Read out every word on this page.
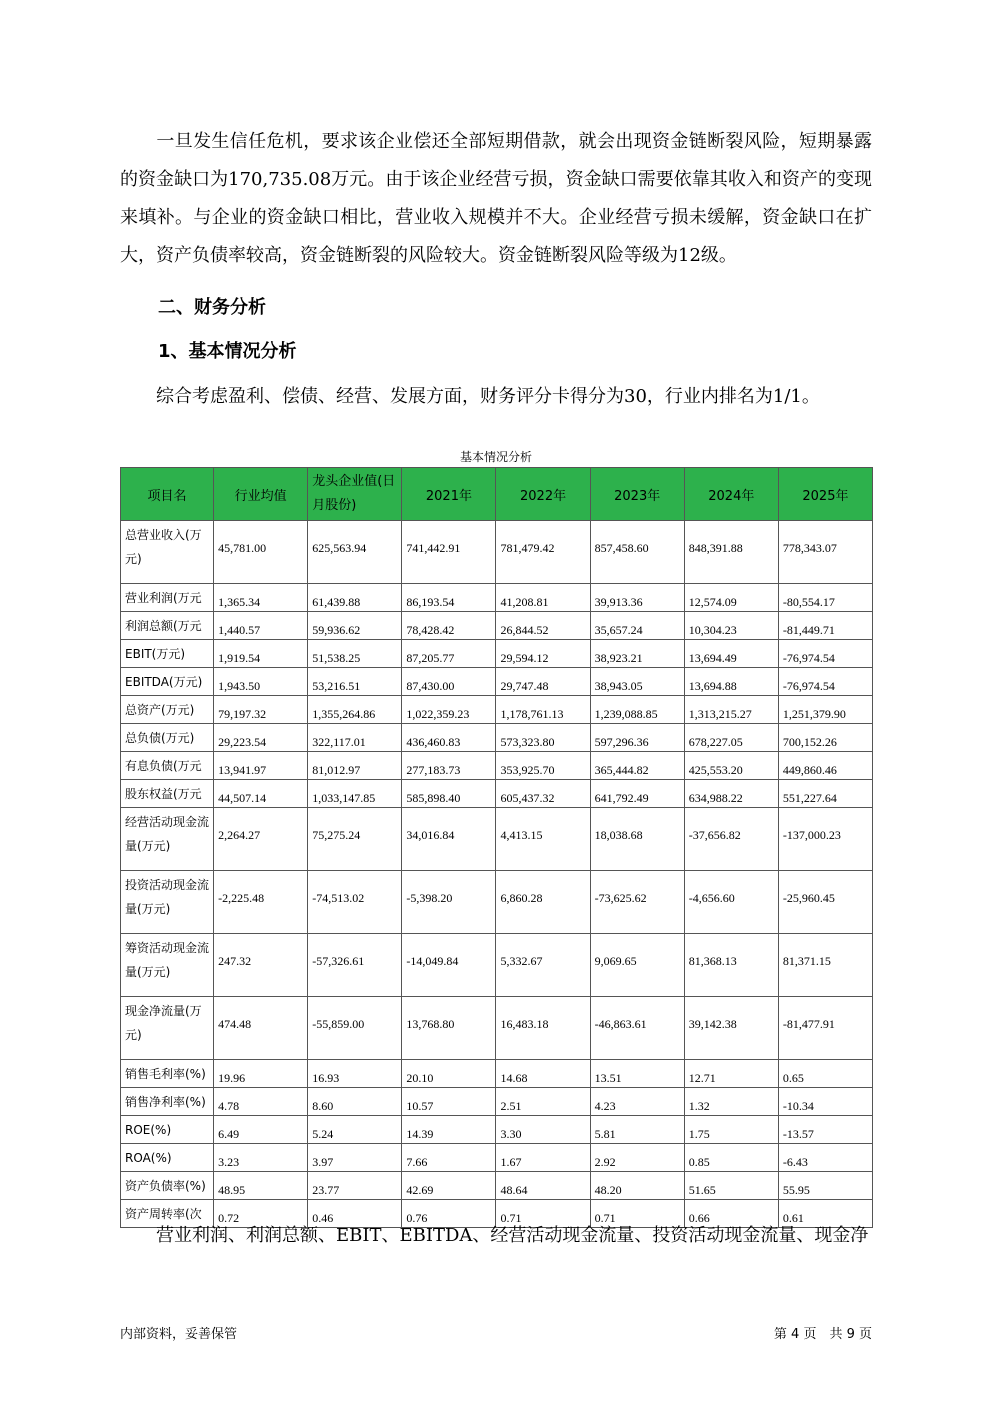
一旦发生信任危机，要求该企业偿还全部短期借款，就会出现资金链断裂风险，短期暴露的资金缺口为170,735.08万元。由于该企业经营亏损，资金缺口需要依靠其收入和资产的变现来填补。与企业的资金缺口相比，营业收入规模并不大。企业经营亏损未缓解，资金缺口在扩大，资产负债率较高，资金链断裂的风险较大。资金链断裂风险等级为12级。
二、财务分析
1、基本情况分析
综合考虑盈利、偿债、经营、发展方面，财务评分卡得分为30，行业内排名为1/1。
基本情况分析
项目名	行业均值	龙头企业值(日月股份)	2021年	2022年	2023年	2024年	2025年
总营业收入(万元)	45,781.00	625,563.94	741,442.91	781,479.42	857,458.60	848,391.88	778,343.07
营业利润(万元	1,365.34	61,439.88	86,193.54	41,208.81	39,913.36	12,574.09	-80,554.17
利润总额(万元	1,440.57	59,936.62	78,428.42	26,844.52	35,657.24	10,304.23	-81,449.71
EBIT(万元)	1,919.54	51,538.25	87,205.77	29,594.12	38,923.21	13,694.49	-76,974.54
EBITDA(万元)	1,943.50	53,216.51	87,430.00	29,747.48	38,943.05	13,694.88	-76,974.54
总资产(万元)	79,197.32	1,355,264.86	1,022,359.23	1,178,761.13	1,239,088.85	1,313,215.27	1,251,379.90
总负债(万元)	29,223.54	322,117.01	436,460.83	573,323.80	597,296.36	678,227.05	700,152.26
有息负债(万元	13,941.97	81,012.97	277,183.73	353,925.70	365,444.82	425,553.20	449,860.46
股东权益(万元	44,507.14	1,033,147.85	585,898.40	605,437.32	641,792.49	634,988.22	551,227.64
经营活动现金流量(万元)	2,264.27	75,275.24	34,016.84	4,413.15	18,038.68	-37,656.82	-137,000.23
投资活动现金流量(万元)	-2,225.48	-74,513.02	-5,398.20	6,860.28	-73,625.62	-4,656.60	-25,960.45
筹资活动现金流量(万元)	247.32	-57,326.61	-14,049.84	5,332.67	9,069.65	81,368.13	81,371.15
现金净流量(万元)	474.48	-55,859.00	13,768.80	16,483.18	-46,863.61	39,142.38	-81,477.91
销售毛利率(%)	19.96	16.93	20.10	14.68	13.51	12.71	0.65
销售净利率(%)	4.78	8.60	10.57	2.51	4.23	1.32	-10.34
ROE(%)	6.49	5.24	14.39	3.30	5.81	1.75	-13.57
ROA(%)	3.23	3.97	7.66	1.67	2.92	0.85	-6.43
资产负债率(%)	48.95	23.77	42.69	48.64	48.20	51.65	55.95
资产周转率(次	0.72	0.46	0.76	0.71	0.71	0.66	0.61
营业利润、利润总额、EBIT、EBITDA、经营活动现金流量、投资活动现金流量、现金净
内部资料，妥善保管	第 4 页　共 9 页
